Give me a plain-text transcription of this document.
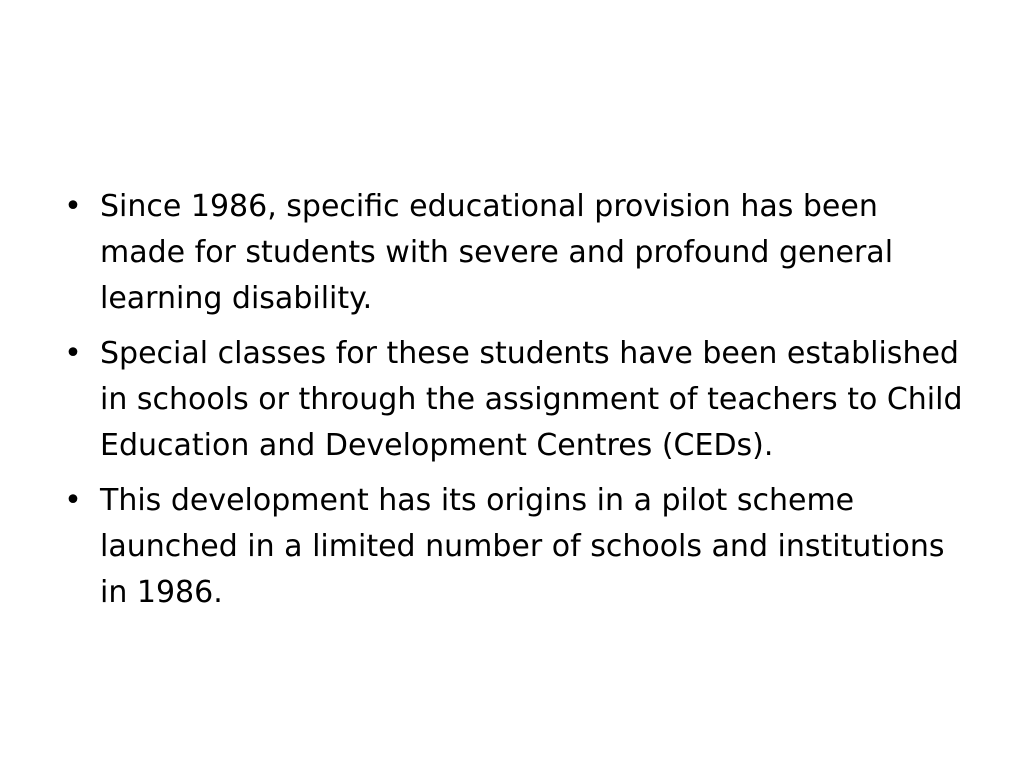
• Since 1986, specific educational provision has been made for students with severe and profound general learning disability.
• Special classes for these students have been established in schools or through the assignment of teachers to Child Education and Development Centres (CEDs).
• This development has its origins in a pilot scheme launched in a limited number of schools and institutions in 1986.
